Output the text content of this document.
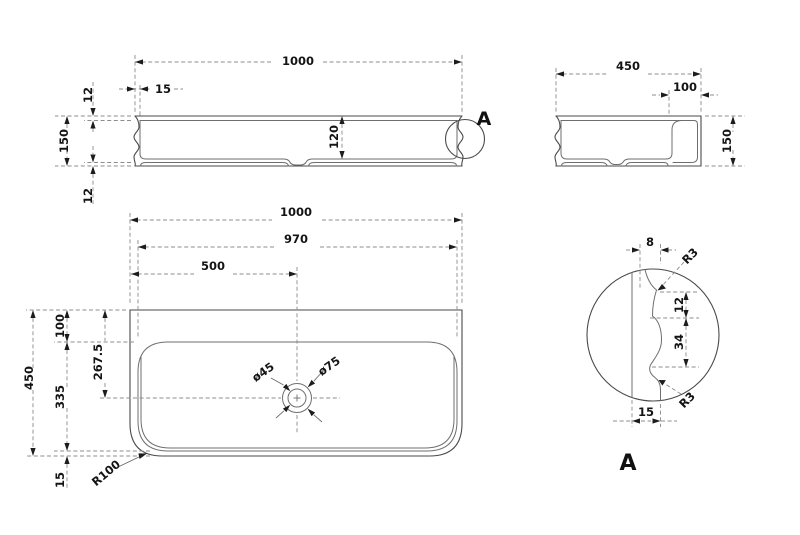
1000
15
12
150
12
120
A
450
100
150
1000
970
500
450
100
335
15
267.5
R100
ø45	ø75
8
R3
12
34
R3
15
A
